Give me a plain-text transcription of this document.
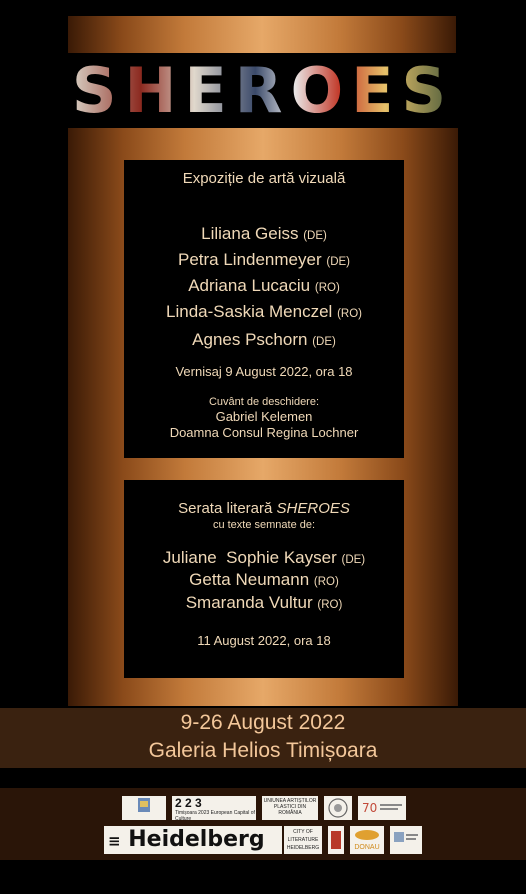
SHEROES
Expoziție de artă vizuală
Liliana Geiss (DE)
Petra Lindenmeyer (DE)
Adriana Lucaciu (RO)
Linda-Saskia Menczel (RO)
Agnes Pschorn (DE)
Vernisaj 9 August 2022, ora 18
Cuvânt de deschidere:
Gabriel Kelemen
Doamna Consul Regina Lochner
Serata literară SHEROES
cu texte semnate de:
Juliane  Sophie Kayser (DE)
Getta Neumann (RO)
Smaranda Vultur (RO)
11 August 2022, ora 18
9-26 August 2022
Galeria Helios Timișoara
2 2 3
Timișoara 2023 European Capital of Culture
UNIUNEA ARTIȘTILOR PLASTICI DIN ROMÂNIA	70
≡ Heidelberg	CITY OF LITERATURE HEIDELBERG	DONAU
